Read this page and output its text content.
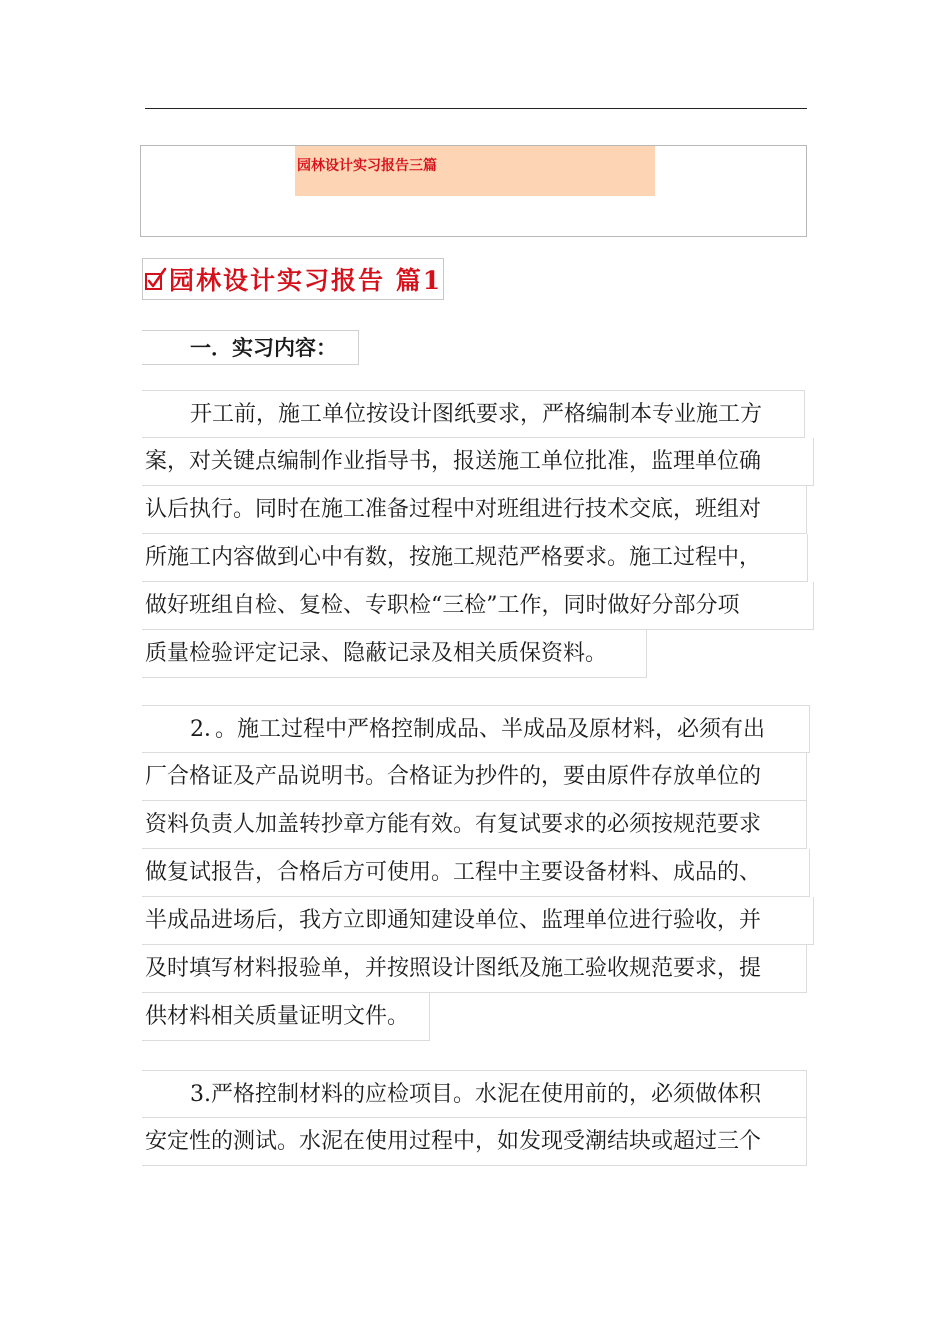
园林设计实习报告三篇
园林设计实习报告 篇1
一．实习内容：
开工前，施工单位按设计图纸要求，严格编制本专业施工方
案，对关键点编制作业指导书，报送施工单位批准，监理单位确
认后执行。同时在施工准备过程中对班组进行技术交底，班组对
所施工内容做到心中有数，按施工规范严格要求。施工过程中，
做好班组自检、复检、专职检“三检”工作，同时做好分部分项
质量检验评定记录、隐蔽记录及相关质保资料。
2．。施工过程中严格控制成品、半成品及原材料，必须有出
厂合格证及产品说明书。合格证为抄件的，要由原件存放单位的
资料负责人加盖转抄章方能有效。有复试要求的必须按规范要求
做复试报告，合格后方可使用。工程中主要设备材料、成品的、
半成品进场后，我方立即通知建设单位、监理单位进行验收，并
及时填写材料报验单，并按照设计图纸及施工验收规范要求，提
供材料相关质量证明文件。
3.严格控制材料的应检项目。水泥在使用前的，必须做体积
安定性的测试。水泥在使用过程中，如发现受潮结块或超过三个
